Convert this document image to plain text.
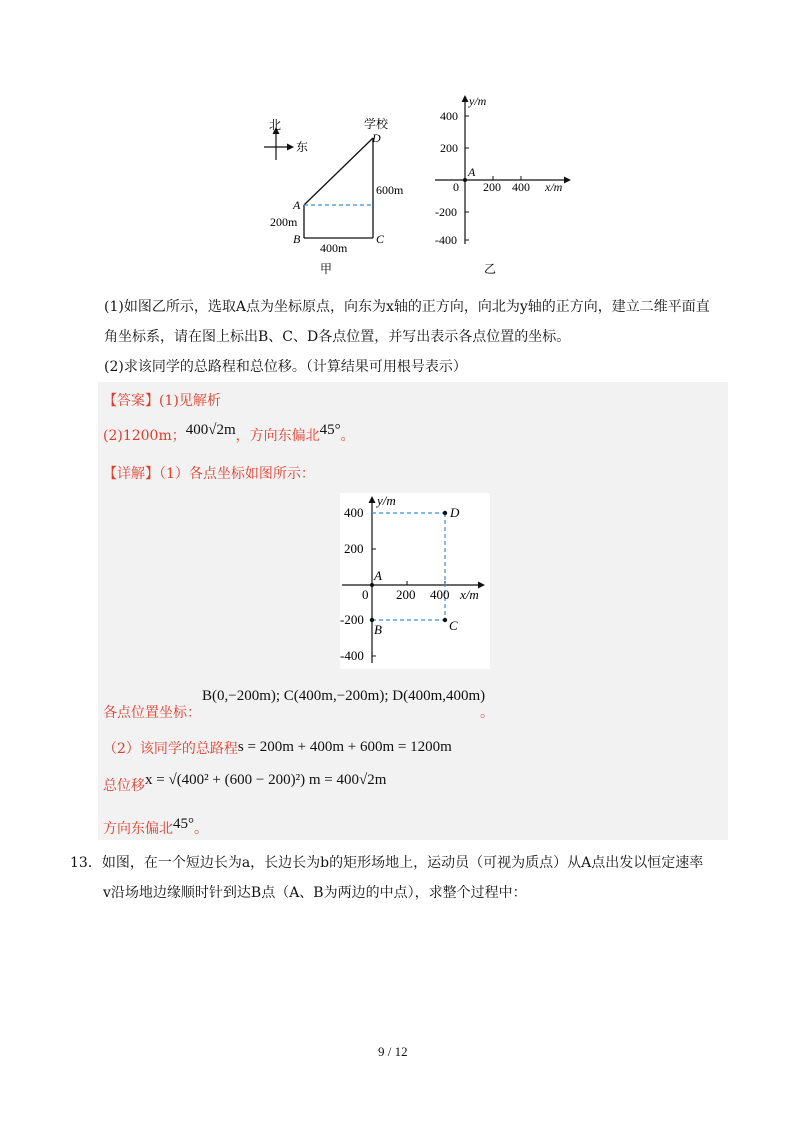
北
东
学校
D
A
B	C
600m
200m
400m
甲
y/m
x/m
0
A
400
200
-200
-400
200 400
乙
(1)如图乙所示，选取A点为坐标原点，向东为x轴的正方向，向北为y轴的正方向，建立二维平面直
角坐标系，请在图上标出B、C、D各点位置，并写出表示各点位置的坐标。
(2)求该同学的总路程和总位移。（计算结果可用根号表示）
【答案】(1)见解析
(2)1200m；400√2m，方向东偏北45°。
【详解】（1）各点坐标如图所示：
y/m
x/m
0
A
B	C
D
400
200
-200
-400
200 400
B(0,−200m); C(400m,−200m); D(400m,400m)
各点位置坐标：	。
（2）该同学的总路程s = 200m + 400m + 600m = 1200m
总位移x = √(400² + (600 − 200)²) m = 400√2m
方向东偏北45°。
13．如图，在一个短边长为a，长边长为b的矩形场地上，运动员（可视为质点）从A点出发以恒定速率
v沿场地边缘顺时针到达B点（A、B为两边的中点），求整个过程中：
9 / 12
